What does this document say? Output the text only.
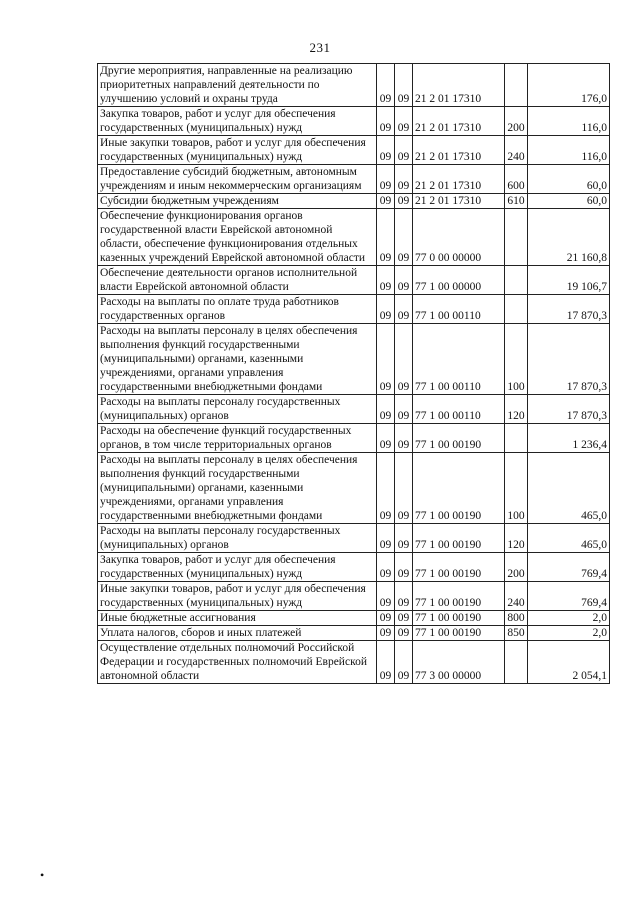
231
Другие мероприятия, направленные на реализацию приоритетных направлений деятельности по улучшению условий и охраны труда	09	09	21 2 01 17310		176,0
Закупка товаров, работ и услуг для обеспечения государственных (муниципальных) нужд	09	09	21 2 01 17310	200	116,0
Иные закупки товаров, работ и услуг для обеспечения государственных (муниципальных) нужд	09	09	21 2 01 17310	240	116,0
Предоставление субсидий бюджетным, автономным учреждениям и иным некоммерческим организациям	09	09	21 2 01 17310	600	60,0
Субсидии бюджетным учреждениям	09	09	21 2 01 17310	610	60,0
Обеспечение функционирования органов государственной власти Еврейской автономной области, обеспечение функционирования отдельных казенных учреждений Еврейской автономной области	09	09	77 0 00 00000		21 160,8
Обеспечение деятельности органов исполнительной власти Еврейской автономной области	09	09	77 1 00 00000		19 106,7
Расходы на выплаты по оплате труда работников государственных органов	09	09	77 1 00 00110		17 870,3
Расходы на выплаты персоналу в целях обеспечения выполнения функций государственными (муниципальными) органами, казенными учреждениями, органами управления государственными внебюджетными фондами	09	09	77 1 00 00110	100	17 870,3
Расходы на выплаты персоналу государственных (муниципальных) органов	09	09	77 1 00 00110	120	17 870,3
Расходы на обеспечение функций государственных органов, в том числе территориальных органов	09	09	77 1 00 00190		1 236,4
Расходы на выплаты персоналу в целях обеспечения выполнения функций государственными (муниципальными) органами, казенными учреждениями, органами управления государственными внебюджетными фондами	09	09	77 1 00 00190	100	465,0
Расходы на выплаты персоналу государственных (муниципальных) органов	09	09	77 1 00 00190	120	465,0
Закупка товаров, работ и услуг для обеспечения государственных (муниципальных) нужд	09	09	77 1 00 00190	200	769,4
Иные закупки товаров, работ и услуг для обеспечения государственных (муниципальных) нужд	09	09	77 1 00 00190	240	769,4
Иные бюджетные ассигнования	09	09	77 1 00 00190	800	2,0
Уплата налогов, сборов и иных платежей	09	09	77 1 00 00190	850	2,0
Осуществление отдельных полномочий Российской Федерации и государственных полномочий Еврейской автономной области	09	09	77 3 00 00000		2 054,1
•
